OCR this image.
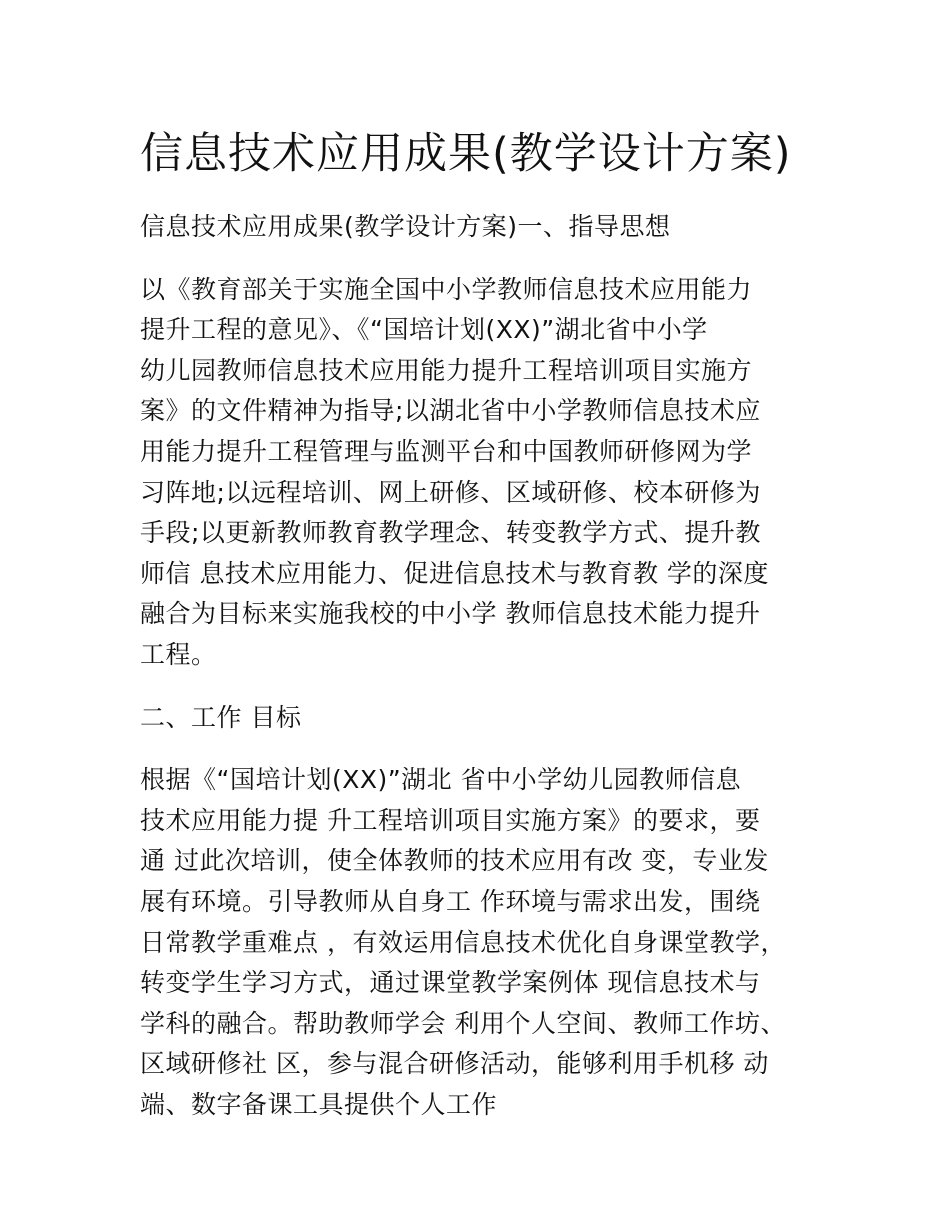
信息技术应用成果(教学设计方案)

信息技术应用成果(教学设计方案)一、指导思想

以《教育部关于实施全国中小学教师信息技术应用能力
提升工程的意见》、《“国培计划(XX)”湖北省中小学
幼儿园教师信息技术应用能力提升工程培训项目实施方
案》的文件精神为指导;以湖北省中小学教师信息技术应
用能力提升工程管理与监测平台和中国教师研修网为学
习阵地;以远程培训、网上研修、区域研修、校本研修为
手段;以更新教师教育教学理念、转变教学方式、提升教
师信 息技术应用能力、促进信息技术与教育教 学的深度
融合为目标来实施我校的中小学 教师信息技术能力提升
工程。

二、工作 目标

根据《“国培计划(XX)”湖北 省中小学幼儿园教师信息
技术应用能力提 升工程培训项目实施方案》的要求，要
通 过此次培训，使全体教师的技术应用有改 变，专业发
展有环境。引导教师从自身工 作环境与需求出发，围绕
日常教学重难点 ，有效运用信息技术优化自身课堂教学，
转变学生学习方式，通过课堂教学案例体 现信息技术与
学科的融合。帮助教师学会 利用个人空间、教师工作坊、
区域研修社 区，参与混合研修活动，能够利用手机移 动
端、数字备课工具提供个人工作
